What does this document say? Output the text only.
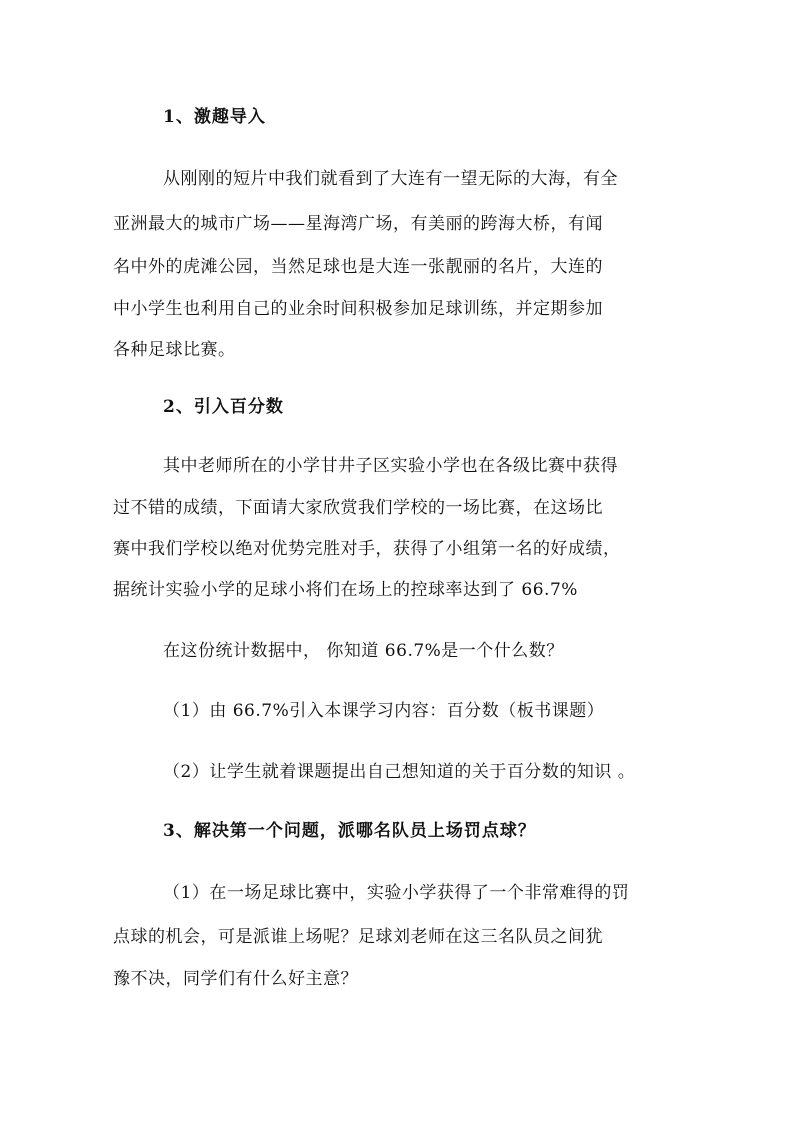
1、激趣导入
从刚刚的短片中我们就看到了大连有一望无际的大海，有全
亚洲最大的城市广场——星海湾广场，有美丽的跨海大桥，有闻
名中外的虎滩公园，当然足球也是大连一张靓丽的名片，大连的
中小学生也利用自己的业余时间积极参加足球训练，并定期参加
各种足球比赛。
2、引入百分数
其中老师所在的小学甘井子区实验小学也在各级比赛中获得
过不错的成绩，下面请大家欣赏我们学校的一场比赛，在这场比
赛中我们学校以绝对优势完胜对手，获得了小组第一名的好成绩，
据统计实验小学的足球小将们在场上的控球率达到了 66.7%
在这份统计数据中， 你知道 66.7%是一个什么数？
（1）由 66.7%引入本课学习内容：百分数（板书课题）
（2）让学生就着课题提出自己想知道的关于百分数的知识 。
3、解决第一个问题，派哪名队员上场罚点球？
（1）在一场足球比赛中，实验小学获得了一个非常难得的罚
点球的机会，可是派谁上场呢？足球刘老师在这三名队员之间犹
豫不决，同学们有什么好主意？
